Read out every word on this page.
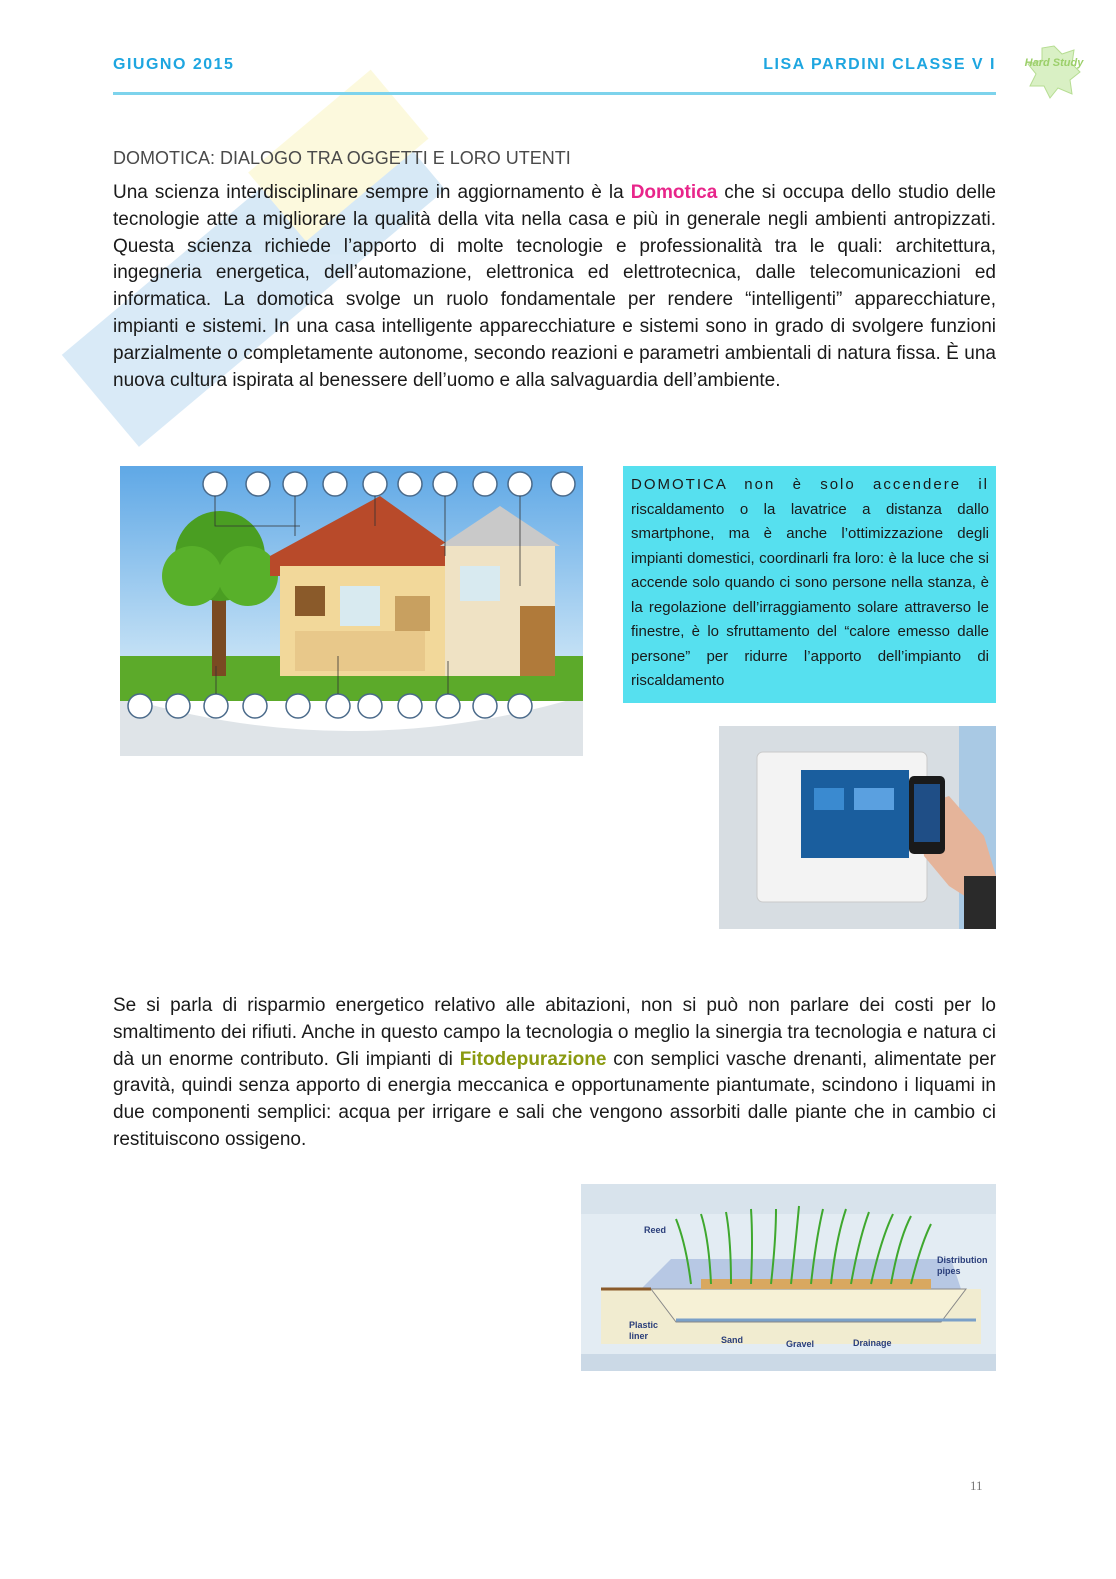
GIUGNO 2015	LISA PARDINI CLASSE V I	Hard Study
DOMOTICA: DIALOGO TRA OGGETTI E LORO UTENTI
Una scienza interdisciplinare sempre in aggiornamento è la Domotica che si occupa dello studio delle tecnologie atte a migliorare la qualità della vita nella casa e più in generale negli ambienti antropizzati. Questa scienza richiede l’apporto di molte tecnologie e professionalità tra le quali: architettura, ingegneria energetica, dell’automazione, elettronica ed elettrotecnica, dalle telecomunicazioni ed informatica. La domotica svolge un ruolo fondamentale per rendere “intelligenti” apparecchiature, impianti e sistemi. In una casa intelligente apparecchiature e sistemi sono in grado di svolgere funzioni parzialmente o completamente autonome, secondo reazioni e parametri ambientali di natura fissa. È una nuova cultura ispirata al benessere dell’uomo e alla salvaguardia dell’ambiente.
DOMOTICA non è solo accendere il riscaldamento o la lavatrice a distanza dallo smartphone, ma è anche l’ottimizzazione degli impianti domestici, coordinarli fra loro: è la luce che si accende solo quando ci sono persone nella stanza, è la regolazione dell’irraggiamento solare attraverso le finestre, è lo sfruttamento del “calore emesso dalle persone” per ridurre l’apporto dell’impianto di riscaldamento
Se si parla di risparmio energetico relativo alle abitazioni, non si può non parlare dei costi per lo smaltimento dei rifiuti. Anche in questo campo la tecnologia o meglio la sinergia tra tecnologia e natura ci dà un enorme contributo. Gli impianti di Fitodepurazione con semplici vasche drenanti, alimentate per gravità, quindi senza apporto di energia meccanica e opportunamente piantumate, scindono i liquami in due componenti semplici: acqua per irrigare e sali che vengono assorbiti dalle piante che in cambio ci restituiscono ossigeno.
Reed
Distribution
pipes
Plastic
liner	Sand	Gravel	Drainage
11
